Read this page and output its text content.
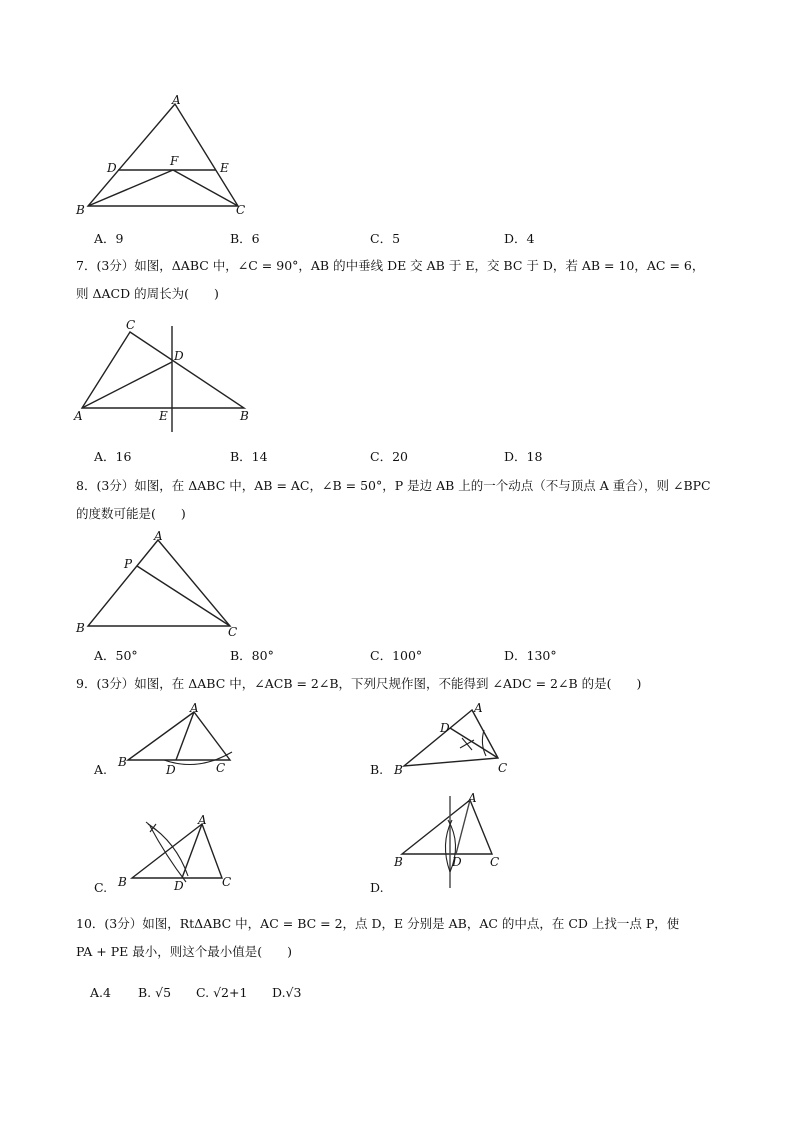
A
D	F	E
B	C
A．9	B．6	C．5	D．4
7．(3分）如图，ΔABC 中，∠C = 90°，AB 的中垂线 DE 交 AB 于 E，交 BC 于 D，若 AB = 10，AC = 6，
则 ΔACD 的周长为(　　)
C
D
A	E	B
A．16	B．14	C．20	D．18
8．(3分）如图，在 ΔABC 中，AB = AC，∠B = 50°，P 是边 AB 上的一个动点（不与顶点 A 重合），则 ∠BPC
的度数可能是(　　)
A
P
B	C
A．50°	B．80°	C．100°	D．130°
9．(3分）如图，在 ΔABC 中，∠ACB = 2∠B，下列尺规作图，不能得到 ∠ADC = 2∠B 的是(　　)
A.
A
B
D	C	B.
A
D
B	C
C.
A
B	D	C	D.
A
B	D C
10．(3分）如图，RtΔABC 中，AC = BC = 2，点 D，E 分别是 AB，AC 的中点，在 CD 上找一点 P，使
PA + PE 最小，则这个最小值是(　　)
A.4 B. √5 C. √2+1 D.√3
